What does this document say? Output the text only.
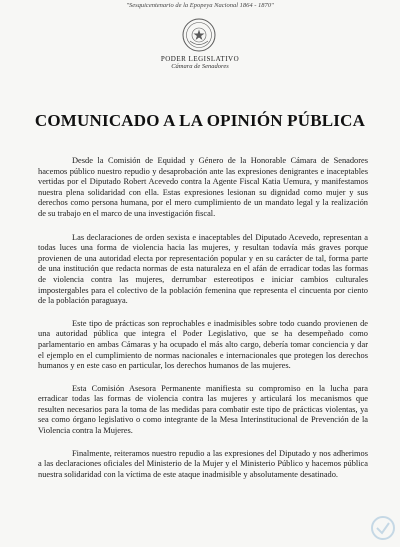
"Sesquicentenario de la Epopeya Nacional 1864 - 1870"
PODER LEGISLATIVO
Cámara de Senadores
COMUNICADO A LA OPINIÓN PÚBLICA

Desde la Comisión de Equidad y Género de la Honorable Cámara de Senadores hacemos público nuestro repudio y desaprobación ante las expresiones denigrantes e inaceptables vertidas por el Diputado Robert Acevedo contra la Agente Fiscal Katia Uemura, y manifestamos nuestra plena solidaridad con ella. Estas expresiones lesionan su dignidad como mujer y sus derechos como persona humana, por el mero cumplimiento de un mandato legal y la realización de su trabajo en el marco de una investigación fiscal.

Las declaraciones de orden sexista e inaceptables del Diputado Acevedo, representan a todas luces una forma de violencia hacia las mujeres, y resultan todavía más graves porque provienen de una autoridad electa por representación popular y en su carácter de tal, forma parte de una institución que redacta normas de esta naturaleza en el afán de erradicar todas las formas de violencia contra las mujeres, derrumbar estereotipos e iniciar cambios culturales impostergables para el colectivo de la población femenina que representa el cincuenta por ciento de la población paraguaya.

Este tipo de prácticas son reprochables e inadmisibles sobre todo cuando provienen de una autoridad pública que integra el Poder Legislativo, que se ha desempeñado como parlamentario en ambas Cámaras y ha ocupado el más alto cargo, debería tomar conciencia y dar el ejemplo en el cumplimiento de normas nacionales e internacionales que protegen los derechos humanos y en este caso en particular, los derechos humanos de las mujeres.

Esta Comisión Asesora Permanente manifiesta su compromiso en la lucha para erradicar todas las formas de violencia contra las mujeres y articulará los mecanismos que resulten necesarios para la toma de las medidas para combatir este tipo de prácticas violentas, ya sea como órgano legislativo o como integrante de la Mesa Interinstitucional de Prevención de la Violencia contra la Mujeres.

Finalmente, reiteramos nuestro repudio a las expresiones del Diputado y nos adherimos a las declaraciones oficiales del Ministerio de la Mujer y el Ministerio Público y hacemos pública nuestra solidaridad con la víctima de este ataque inadmisible y absolutamente desatinado.
